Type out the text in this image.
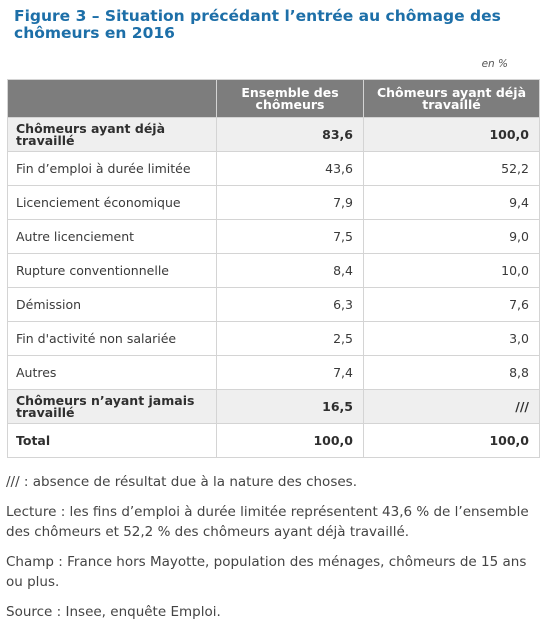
Figure 3 – Situation précédant l’entrée au chômage des chômeurs en 2016
en %
	Ensemble des chômeurs	Chômeurs ayant déjà travaillé
Chômeurs ayant déjà travaillé	83,6	100,0
Fin d’emploi à durée limitée	43,6	52,2
Licenciement économique	7,9	9,4
Autre licenciement	7,5	9,0
Rupture conventionnelle	8,4	10,0
Démission	6,3	7,6
Fin d'activité non salariée	2,5	3,0
Autres	7,4	8,8
Chômeurs n’ayant jamais travaillé	16,5	///
Total	100,0	100,0

/// : absence de résultat due à la nature des choses.

Lecture : les fins d’emploi à durée limitée représentent 43,6 % de l’ensemble des chômeurs et 52,2 % des chômeurs ayant déjà travaillé.

Champ : France hors Mayotte, population des ménages, chômeurs de 15 ans ou plus.

Source : Insee, enquête Emploi.
